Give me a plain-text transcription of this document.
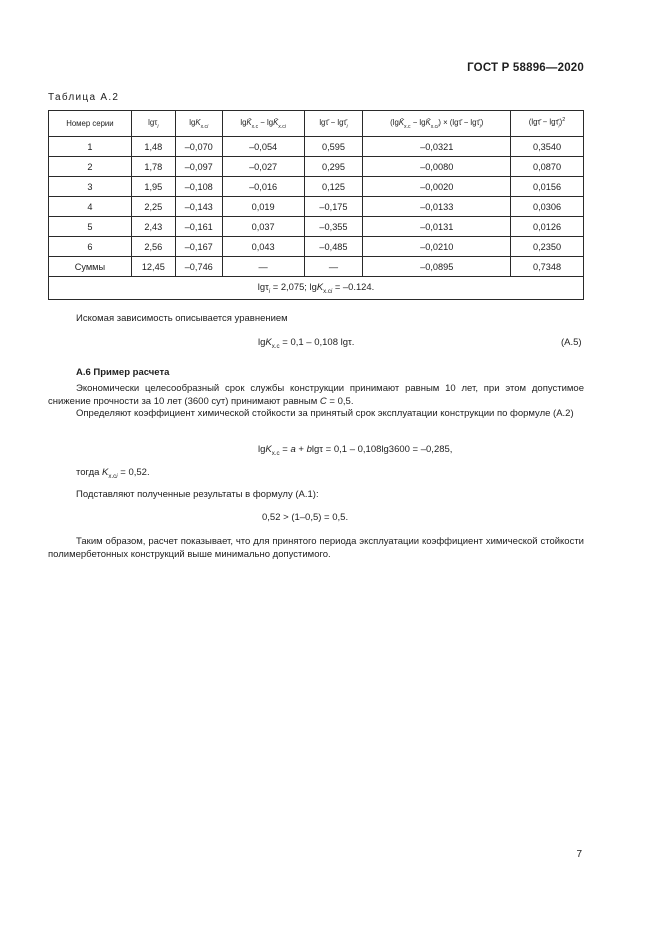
ГОСТ Р 58896—2020
Таблица А.2
Номер серии	lgτ$_i$	lgK$_{х.сi}$	$\lg K̄_{х.с}$ − $\lg K̄_{х.сi}$	lgτ̄ − $\lg\taū_i$	($\lg K̄_{х.с}$ − $\lg K̄_{х.сi}$) × (lgτ̄ − $\lg\taū_i$)	(lgτ̄ − $\lg\taū_i)^2$
1	1,48	–0,070	–0,054	0,595	–0,0321	0,3540
2	1,78	–0,097	–0,027	0,295	–0,0080	0,0870
3	1,95	–0,108	–0,016	0,125	–0,0020	0,0156
4	2,25	–0,143	0,019	–0,175	–0,0133	0,0306
5	2,43	–0,161	0,037	–0,355	–0,0131	0,0126
6	2,56	–0,167	0,043	–0,485	–0,0210	0,2350
Суммы	12,45	–0,746	—	—	–0,0895	0,7348
lgτ$_i$ = 2,075; lgK$_{х.сi}$ = –0.124.						
Искомая зависимость описывается уравнением
lgK$_{х.с}$ = 0,1 – 0,108 lgτ.	(А.5)
А.6 Пример расчета
Экономически целесообразный срок службы конструкции принимают равным 10 лет, при этом допустимое снижение прочности за 10 лет (3600 сут) принимают равным С = 0,5.
Определяют коэффициент химической стойкости за принятый срок эксплуатации конструкции по формуле (А.2)
lgK$_{х.с}$ = a + blgτ = 0,1 – 0,108lg3600 = –0,285,
тогда $K_{х.сi} = 0,52$.
Подставляют полученные результаты в формулу (А.1):
0,52 > (1–0,5) = 0,5.
Таким образом, расчет показывает, что для принятого периода эксплуатации коэффициент химической стойкости полимербетонных конструкций выше минимально допустимого.
7
